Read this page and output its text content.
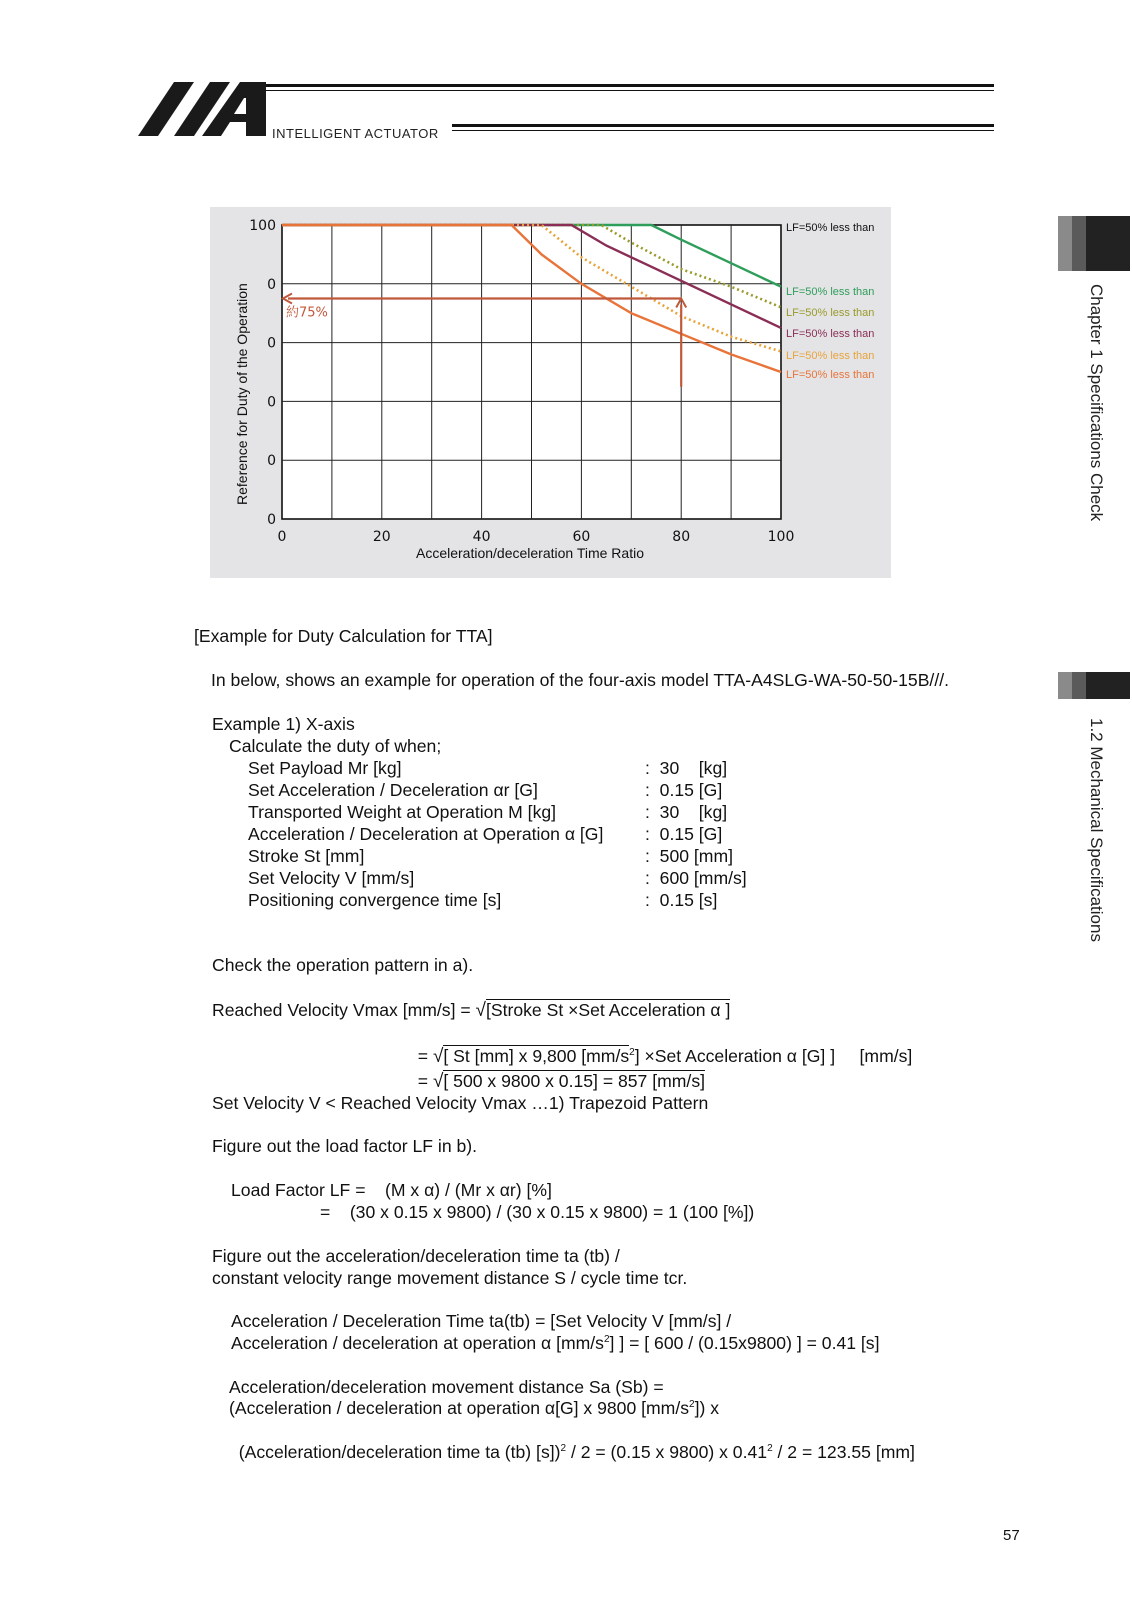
INTELLIGENT ACTUATOR
約75%
100
0
0
0
0
0
0	20	40	60	80	100
Acceleration/deceleration Time Ratio
Reference for Duty of the Operation
LF=50% less than
LF=50% less than
LF=50% less than
LF=50% less than
LF=50% less than
LF=50% less than	Chapter 1 Specifications Check
1.2 Mechanical Specifications
[Example for Duty Calculation for TTA]
In below, shows an example for operation of the four-axis model TTA-A4SLG-WA-50-50-15B///.
Example 1) X-axis
Calculate the duty of when;
Set Payload Mr [kg]	:  30    [kg]
Set Acceleration / Deceleration αr [G]	:  0.15 [G]
Transported Weight at Operation M [kg]	:  30    [kg]
Acceleration / Deceleration at Operation α [G] :  0.15 [G]
Stroke St [mm]	:  500 [mm]
Set Velocity V [mm/s]	:  600 [mm/s]
Positioning convergence time [s]	:  0.15 [s]
Check the operation pattern in a).
Reached Velocity Vmax [mm/s] = √[Stroke St ×Set Acceleration α ]

= √[ St [mm] x 9,800 $[mm/s^2] \times Set$ Acceleration α [G] ]     [mm/s]

= √[ 500 x 9800 x 0.15] = 857 [mm/s]

Set Velocity V < Reached Velocity Vmax …1) Trapezoid Pattern
Figure out the load factor LF in b).
Load Factor LF =    (M x α) / (Mr x αr) [%]
=    (30 x 0.15 x 9800) / (30 x 0.15 x 9800) = 1 (100 [%])
Figure out the acceleration/deceleration time ta (tb) /
constant velocity range movement distance S / cycle time tcr.
Acceleration / Deceleration Time ta(tb) = [Set Velocity V [mm/s] /
Acceleration / deceleration at operation α $[mm/s^2]$ ] = [ 600 / (0.15x9800) ] = 0.41 [s]
Acceleration/deceleration movement distance Sa (Sb) =
(Acceleration / deceleration at operation α[G] x 9800 $[mm/s^2]$) x

(Acceleration/deceleration time ta (tb) [s])$^2$ / 2 = (0.15 x 9800) x 0.41$^2$ / 2 = 123.55 [mm]

57
